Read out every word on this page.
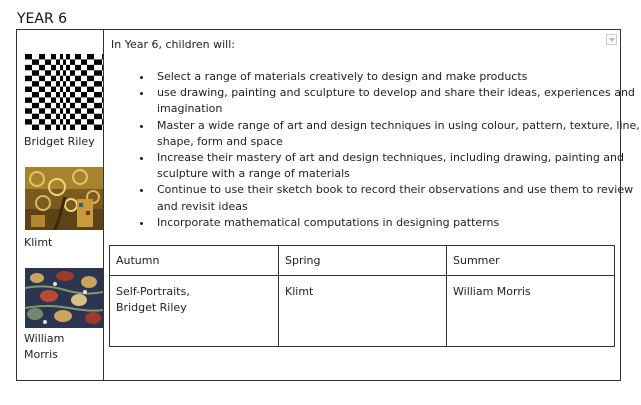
YEAR 6
Bridget Riley
Klimt
William Morris
In Year 6, children will:
• Select a range of materials creatively to design and make products
• use drawing, painting and sculpture to develop and share their ideas, experiences and imagination
• Master a wide range of art and design techniques in using colour, pattern, texture, line, shape, form and space
• Increase their mastery of art and design techniques, including drawing, painting and sculpture with a range of materials
• Continue to use their sketch book to record their observations and use them to review and revisit ideas
• Incorporate mathematical computations in designing patterns
Autumn	Spring	Summer
Self-Portraits,
Bridget Riley	Klimt	William Morris
